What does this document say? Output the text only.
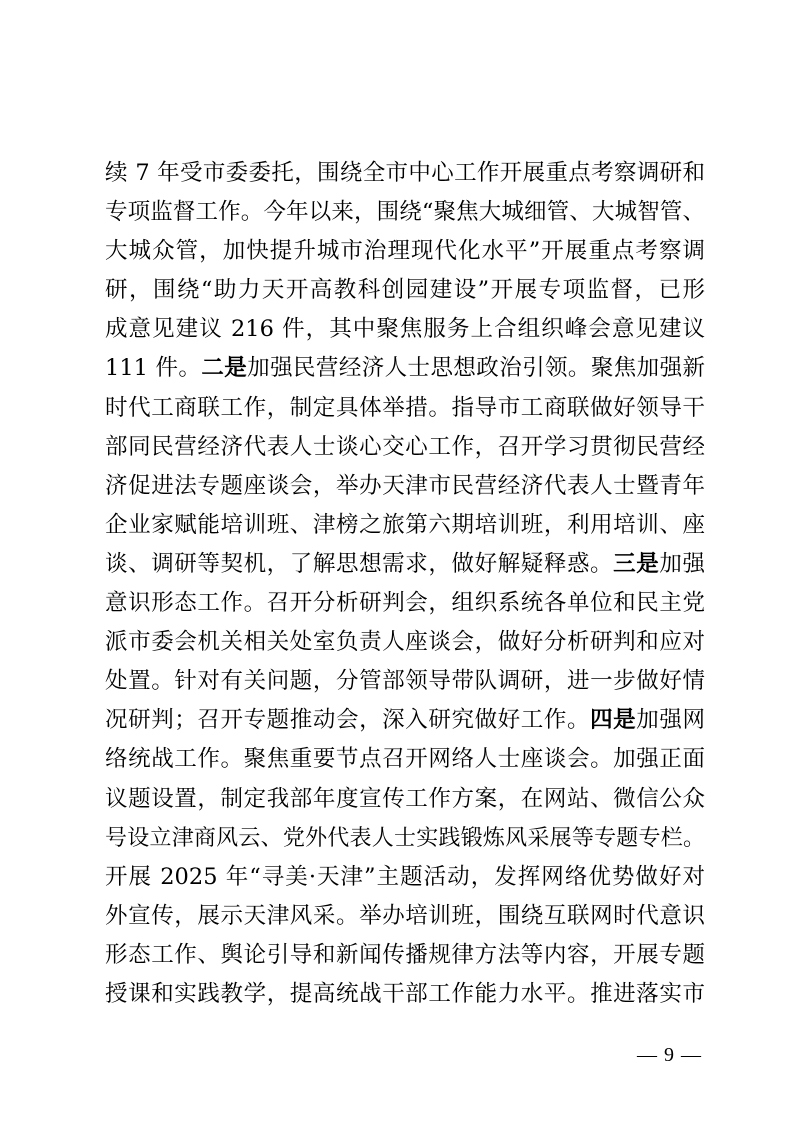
续 7 年受市委委托，围绕全市中心工作开展重点考察调研和
专项监督工作。今年以来，围绕“聚焦大城细管、大城智管、
大城众管，加快提升城市治理现代化水平”开展重点考察调
研，围绕“助力天开高教科创园建设”开展专项监督，已形
成意见建议 216 件，其中聚焦服务上合组织峰会意见建议
111 件。二是加强民营经济人士思想政治引领。聚焦加强新
时代工商联工作，制定具体举措。指导市工商联做好领导干
部同民营经济代表人士谈心交心工作，召开学习贯彻民营经
济促进法专题座谈会，举办天津市民营经济代表人士暨青年
企业家赋能培训班、津榜之旅第六期培训班，利用培训、座
谈、调研等契机，了解思想需求，做好解疑释惑。三是加强
意识形态工作。召开分析研判会，组织系统各单位和民主党
派市委会机关相关处室负责人座谈会，做好分析研判和应对
处置。针对有关问题，分管部领导带队调研，进一步做好情
况研判；召开专题推动会，深入研究做好工作。四是加强网
络统战工作。聚焦重要节点召开网络人士座谈会。加强正面
议题设置，制定我部年度宣传工作方案，在网站、微信公众
号设立津商风云、党外代表人士实践锻炼风采展等专题专栏。
开展 2025 年“寻美·天津”主题活动，发挥网络优势做好对
外宣传，展示天津风采。举办培训班，围绕互联网时代意识
形态工作、舆论引导和新闻传播规律方法等内容，开展专题
授课和实践教学，提高统战干部工作能力水平。推进落实市
— 9 —
